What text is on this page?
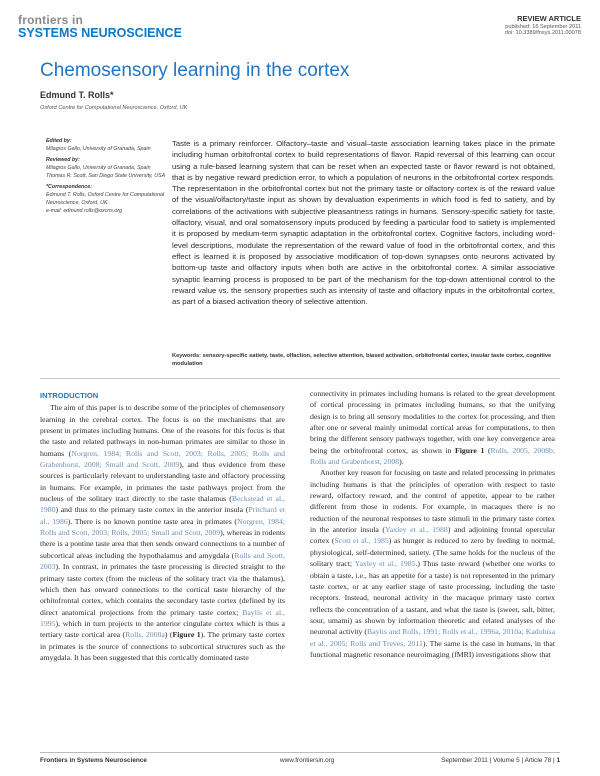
frontiers in
SYSTEMS NEUROSCIENCE
REVIEW ARTICLE
published: 16 September 2011
doi: 10.3389/fnsys.2011.00078
Chemosensory learning in the cortex
Edmund T. Rolls*
Oxford Centre for Computational Neuroscience, Oxford, UK
Edited by:
Milagros Gallo, University of Granada, Spain
Reviewed by:
Milagros Gallo, University of Granada, Spain
Thomas R. Scott, San Diego State University, USA
*Correspondence:
Edmund T. Rolls, Oxford Centre for Computational Neuroscience, Oxford, UK.
e-mail: edmund.rolls@oxcns.org
Taste is a primary reinforcer. Olfactory–taste and visual–taste association learning takes place in the primate including human orbitofrontal cortex to build representations of flavor. Rapid reversal of this learning can occur using a rule-based learning system that can be reset when an expected taste or flavor reward is not obtained, that is by negative reward prediction error, to which a population of neurons in the orbitofrontal cortex responds. The representation in the orbitofrontal cortex but not the primary taste or olfactory cortex is of the reward value of the visual/olfactory/taste input as shown by devaluation experiments in which food is fed to satiety, and by correlations of the activations with subjective pleasantness ratings in humans. Sensory-specific satiety for taste, olfactory, visual, and oral somatosensory inputs produced by feeding a particular food to satiety is implemented it is proposed by medium-term synaptic adaptation in the orbitofrontal cortex. Cognitive factors, including word-level descriptions, modulate the representation of the reward value of food in the orbitofrontal cortex, and this effect is learned it is proposed by associative modification of top-down synapses onto neurons activated by bottom-up taste and olfactory inputs when both are active in the orbitofrontal cortex. A similar associative synaptic learning process is proposed to be part of the mechanism for the top-down attentional control to the reward value vs. the sensory properties such as intensity of taste and olfactory inputs in the orbitofrontal cortex, as part of a biased activation theory of selective attention.
Keywords: sensory-specific satiety, taste, olfaction, selective attention, biased activation, orbitofrontal cortex, insular taste cortex, cognitive modulation
INTRODUCTION

The aim of this paper is to describe some of the principles of chemosensory learning in the cerebral cortex. The focus is on the mechanisms that are present in primates including humans. One of the reasons for this focus is that the taste and related pathways in non-human primates are similar to those in humans (Norgren, 1984; Rolls and Scott, 2003; Rolls, 2005; Rolls and Grabenhorst, 2008; Small and Scott, 2009), and thus evidence from these sources is particularly relevant to understanding taste and olfactory processing in humans. For example, in primates the taste pathways project from the nucleus of the solitary tract directly to the taste thalamus (Beckstead et al., 1980) and thus to the primary taste cortex in the anterior insula (Pritchard et al., 1986). There is no known pontine taste area in primates (Norgren, 1984; Rolls and Scott, 2003; Rolls, 2005; Small and Scott, 2009), whereas in rodents there is a pontine taste area that then sends onward connections to a number of subcortical areas including the hypothalamus and amygdala (Rolls and Scott, 2003). In contrast, in primates the taste processing is directed straight to the primary taste cortex (from the nucleus of the solitary tract via the thalamus), which then has onward connections to the cortical taste hierarchy of the orbitofrontal cortex, which contains the secondary taste cortex (defined by its direct anatomical projections from the primary taste cortex; Baylis et al., 1995), which in turn projects to the anterior cingulate cortex which is thus a tertiary taste cortical area (Rolls, 2008a) (Figure 1). The primary taste cortex in primates is the source of connections to subcortical structures such as the amygdala. It has been suggested that this cortically dominated taste

connectivity in primates including humans is related to the great development of cortical processing in primates including humans, so that the unifying design is to bring all sensory modalities to the cortex for processing, and then after one or several mainly unimodal cortical areas for computations, to then bring the different sensory pathways together, with one key convergence area being the orbitofrontal cortex, as shown in Figure 1 (Rolls, 2005, 2008b; Rolls and Grabenhorst, 2008).

Another key reason for focusing on taste and related processing in primates including humans is that the principles of operation with respect to taste reward, olfactory reward, and the control of appetite, appear to be rather different from those in rodents. For example, in macaques there is no reduction of the neuronal responses to taste stimuli in the primary taste cortex in the anterior insula (Yaxley et al., 1988) and adjoining frontal opercular cortex (Scott et al., 1985) as hunger is reduced to zero by feeding to normal, physiological, self-determined, satiety. (The same holds for the nucleus of the solitary tract; Yaxley et al., 1985.) Thus taste reward (whether one works to obtain a taste, i.e., has an appetite for a taste) is not represented in the primary taste cortex, or at any earlier stage of taste processing, including the taste receptors. Instead, neuronal activity in the macaque primary taste cortex reflects the concentration of a tastant, and what the taste is (sweet, salt, bitter, sour, umami) as shown by information theoretic and related analyses of the neuronal activity (Baylis and Rolls, 1991; Rolls et al., 1996a, 2010a; Kadohisa et al., 2005; Rolls and Treves, 2011). The same is the case in humans, in that functional magnetic resonance neuroimaging (fMRI) investigations show that

Frontiers in Systems Neuroscience	www.frontiersin.org	September 2011 | Volume 5 | Article 78 | 1
